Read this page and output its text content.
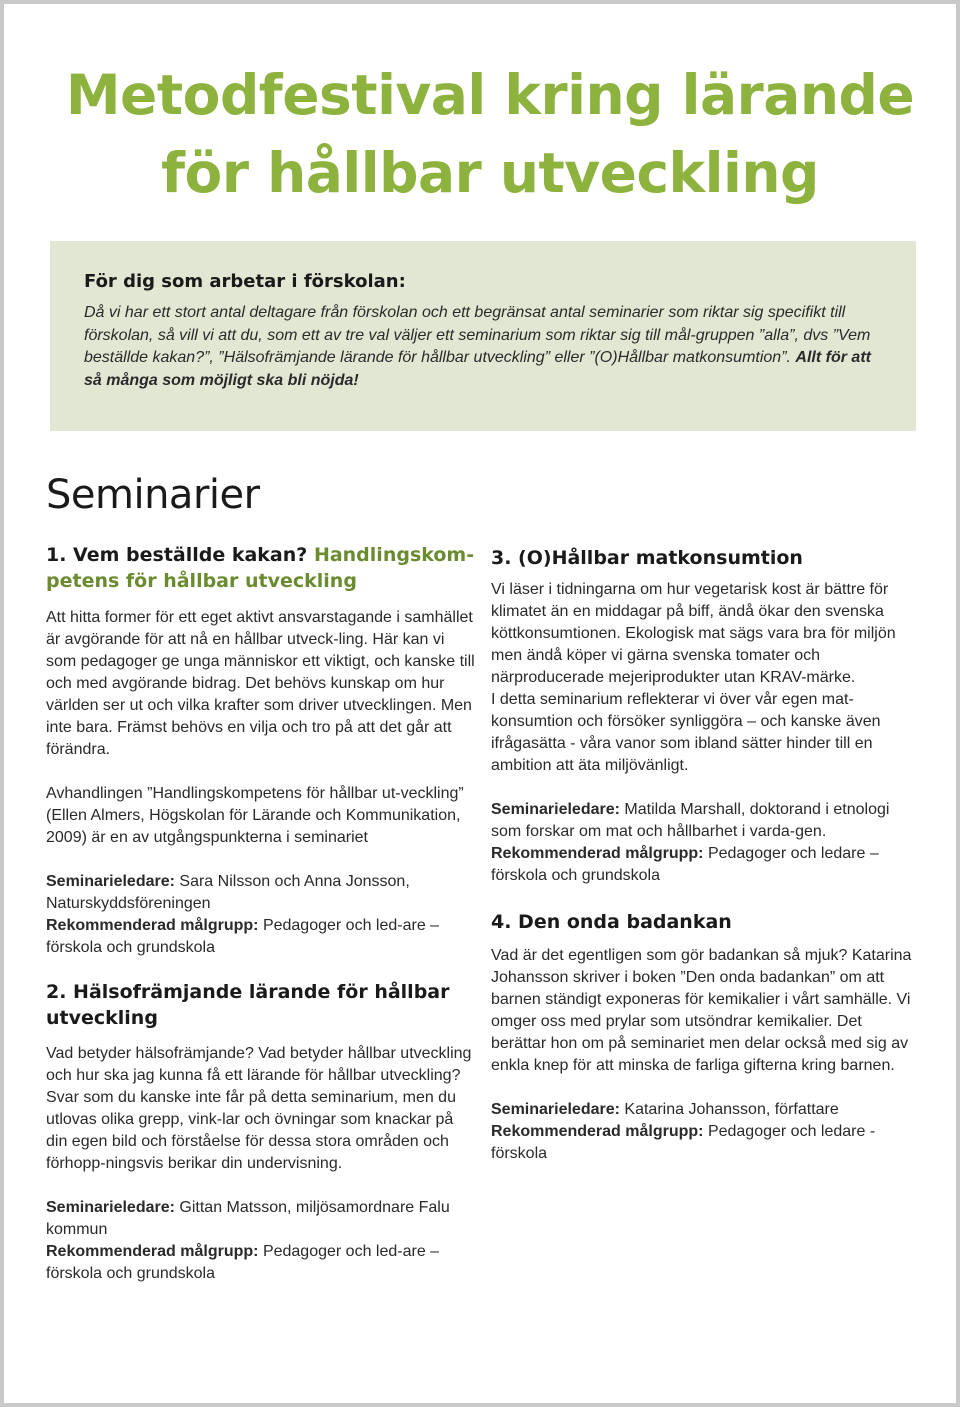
Metodfestival kring lärande
för hållbar utveckling
För dig som arbetar i förskolan:

Då vi har ett stort antal deltagare från förskolan och ett begränsat antal seminarier som riktar sig specifikt till förskolan, så vill vi att du, som ett av tre val väljer ett seminarium som riktar sig till mål-gruppen ”alla”, dvs ”Vem beställde kakan?”, ”Hälsofrämjande lärande för hållbar utveckling” eller ”(O)Hållbar matkonsumtion”. Allt för att så många som möjligt ska bli nöjda!

Seminarier
1. Vem beställde kakan? Handlingskom-petens för hållbar utveckling

Att hitta former för ett eget aktivt ansvarstagande i samhället är avgörande för att nå en hållbar utveck-ling. Här kan vi som pedagoger ge unga människor ett viktigt, och kanske till och med avgörande bidrag. Det behövs kunskap om hur världen ser ut och vilka krafter som driver utvecklingen. Men inte bara. Främst behövs en vilja och tro på att det går att förändra.

Avhandlingen ”Handlingskompetens för hållbar ut-veckling” (Ellen Almers, Högskolan för Lärande och Kommunikation, 2009) är en av utgångspunkterna i seminariet

Seminarieledare: Sara Nilsson och Anna Jonsson, Naturskyddsföreningen

Rekommenderad målgrupp: Pedagoger och led-are – förskola och grundskola

2. Hälsofrämjande lärande för hållbar utveckling

Vad betyder hälsofrämjande? Vad betyder hållbar utveckling och hur ska jag kunna få ett lärande för hållbar utveckling? Svar som du kanske inte får på detta seminarium, men du utlovas olika grepp, vink-lar och övningar som knackar på din egen bild och förståelse för dessa stora områden och förhopp-ningsvis berikar din undervisning.

Seminarieledare: Gittan Matsson, miljösamordnare Falu kommun

Rekommenderad målgrupp: Pedagoger och led-are – förskola och grundskola

3. (O)Hållbar matkonsumtion

Vi läser i tidningarna om hur vegetarisk kost är bättre för klimatet än en middagar på biff, ändå ökar den svenska köttkonsumtionen. Ekologisk mat sägs vara bra för miljön men ändå köper vi gärna svenska tomater och närproducerade mejeriprodukter utan KRAV-märke.

I detta seminarium reflekterar vi över vår egen mat-konsumtion och försöker synliggöra – och kanske även ifrågasätta - våra vanor som ibland sätter hinder till en ambition att äta miljövänligt.

Seminarieledare: Matilda Marshall, doktorand i etnologi som forskar om mat och hållbarhet i varda-gen.

Rekommenderad målgrupp: Pedagoger och ledare – förskola och grundskola

4. Den onda badankan

Vad är det egentligen som gör badankan så mjuk? Katarina Johansson skriver i boken ”Den onda badankan” om att barnen ständigt exponeras för kemikalier i vårt samhälle. Vi omger oss med prylar som utsöndrar kemikalier. Det berättar hon om på seminariet men delar också med sig av enkla knep för att minska de farliga gifterna kring barnen.

Seminarieledare: Katarina Johansson, författare

Rekommenderad målgrupp: Pedagoger och ledare - förskola
